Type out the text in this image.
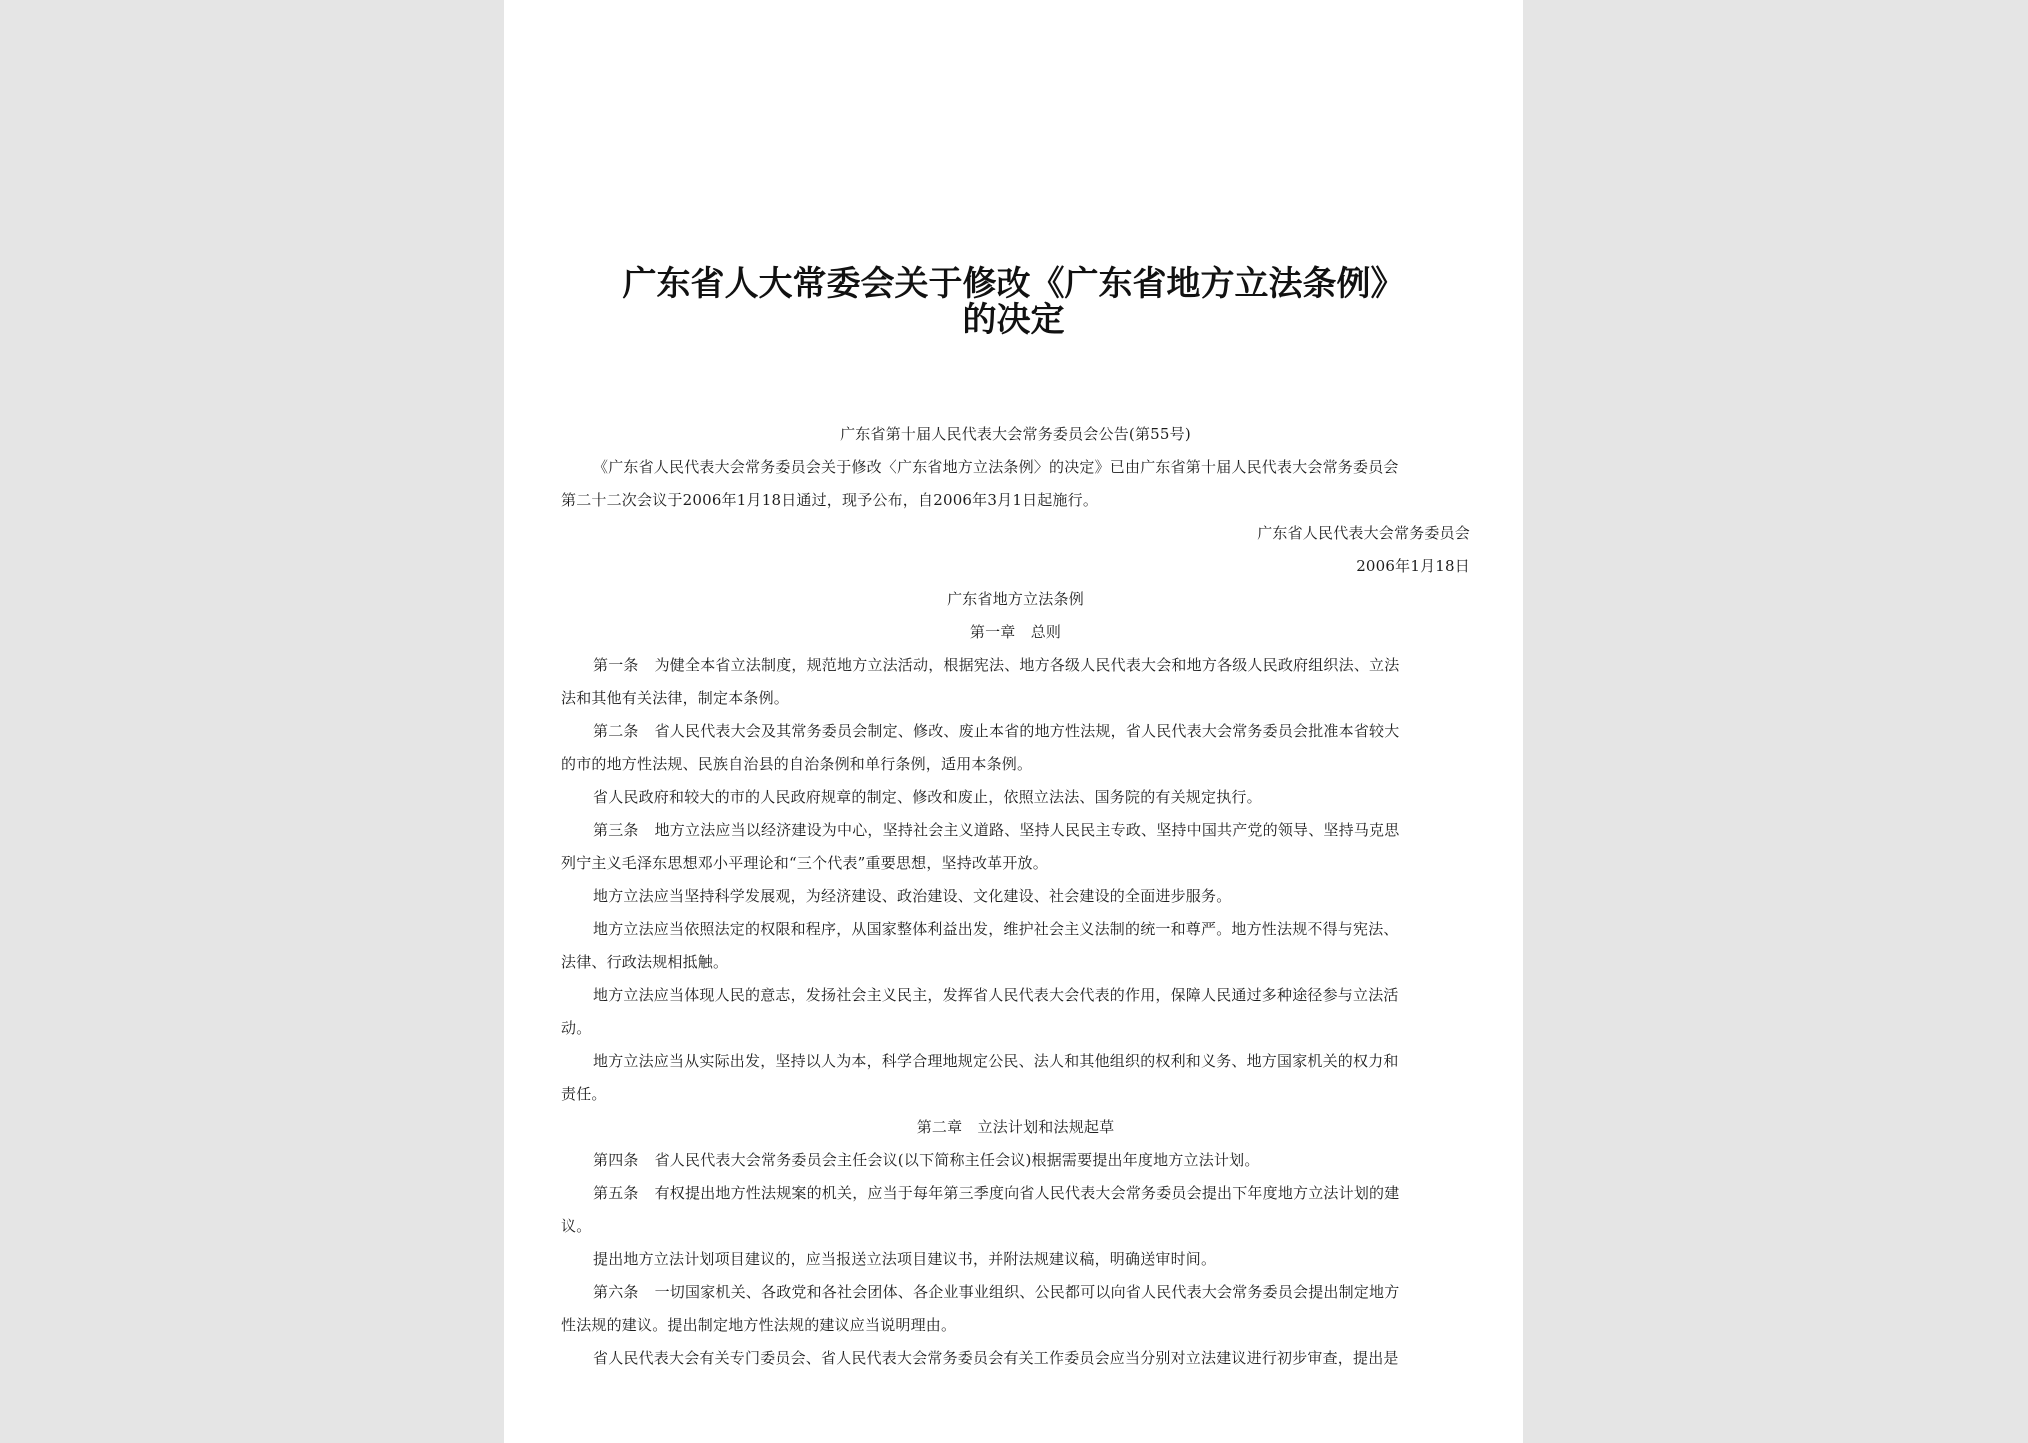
广东省人大常委会关于修改《广东省地方立法条例》
的决定

广东省第十届人民代表大会常务委员会公告(第55号)

《广东省人民代表大会常务委员会关于修改〈广东省地方立法条例〉的决定》已由广东省第十届人民代表大会常务委员会

第二十二次会议于2006年1月18日通过，现予公布，自2006年3月1日起施行。

广东省人民代表大会常务委员会

2006年1月18日

广东省地方立法条例

第一章　总则

第一条 为健全本省立法制度，规范地方立法活动，根据宪法、地方各级人民代表大会和地方各级人民政府组织法、立法

法和其他有关法律，制定本条例。

第二条 省人民代表大会及其常务委员会制定、修改、废止本省的地方性法规，省人民代表大会常务委员会批准本省较大

的市的地方性法规、民族自治县的自治条例和单行条例，适用本条例。

省人民政府和较大的市的人民政府规章的制定、修改和废止，依照立法法、国务院的有关规定执行。

第三条 地方立法应当以经济建设为中心，坚持社会主义道路、坚持人民民主专政、坚持中国共产党的领导、坚持马克思

列宁主义毛泽东思想邓小平理论和“三个代表”重要思想，坚持改革开放。

地方立法应当坚持科学发展观，为经济建设、政治建设、文化建设、社会建设的全面进步服务。

地方立法应当依照法定的权限和程序，从国家整体利益出发，维护社会主义法制的统一和尊严。地方性法规不得与宪法、

法律、行政法规相抵触。

地方立法应当体现人民的意志，发扬社会主义民主，发挥省人民代表大会代表的作用，保障人民通过多种途径参与立法活

动。

地方立法应当从实际出发，坚持以人为本，科学合理地规定公民、法人和其他组织的权利和义务、地方国家机关的权力和

责任。

第二章　立法计划和法规起草

第四条 省人民代表大会常务委员会主任会议(以下简称主任会议)根据需要提出年度地方立法计划。

第五条 有权提出地方性法规案的机关，应当于每年第三季度向省人民代表大会常务委员会提出下年度地方立法计划的建

议。

提出地方立法计划项目建议的，应当报送立法项目建议书，并附法规建议稿，明确送审时间。

第六条 一切国家机关、各政党和各社会团体、各企业事业组织、公民都可以向省人民代表大会常务委员会提出制定地方

性法规的建议。提出制定地方性法规的建议应当说明理由。

省人民代表大会有关专门委员会、省人民代表大会常务委员会有关工作委员会应当分别对立法建议进行初步审查，提出是
